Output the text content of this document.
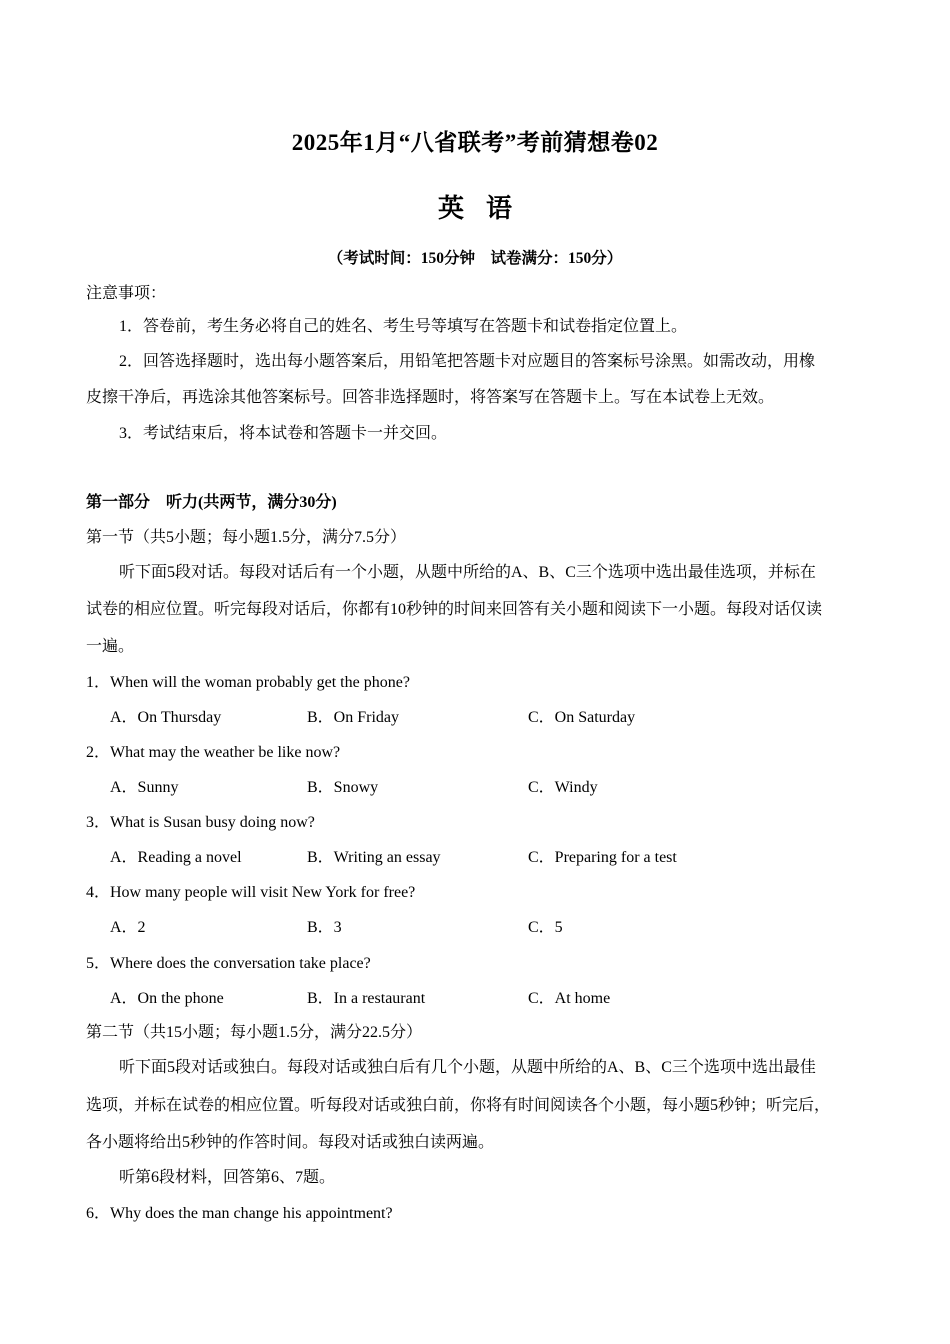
2025年1月“八省联考”考前猜想卷02
英语
（考试时间：150分钟　试卷满分：150分）
注意事项：
1．答卷前，考生务必将自己的姓名、考生号等填写在答题卡和试卷指定位置上。
2．回答选择题时，选出每小题答案后，用铅笔把答题卡对应题目的答案标号涂黑。如需改动，用橡
皮擦干净后，再选涂其他答案标号。回答非选择题时，将答案写在答题卡上。写在本试卷上无效。
3．考试结束后，将本试卷和答题卡一并交回。
第一部分　听力(共两节，满分30分)
第一节（共5小题；每小题1.5分，满分7.5分）
听下面5段对话。每段对话后有一个小题，从题中所给的A、B、C三个选项中选出最佳选项，并标在
试卷的相应位置。听完每段对话后，你都有10秒钟的时间来回答有关小题和阅读下一小题。每段对话仅读
一遍。
1．When will the woman probably get the phone?
A．On Thursday	B．On Friday	C．On Saturday
2．What may the weather be like now?
A．Sunny	B．Snowy	C．Windy
3．What is Susan busy doing now?
A．Reading a novel	B．Writing an essay	C．Preparing for a test
4．How many people will visit New York for free?
A．2	B．3	C．5
5．Where does the conversation take place?
A．On the phone	B．In a restaurant	C．At home
第二节（共15小题；每小题1.5分，满分22.5分）
听下面5段对话或独白。每段对话或独白后有几个小题，从题中所给的A、B、C三个选项中选出最佳
选项，并标在试卷的相应位置。听每段对话或独白前，你将有时间阅读各个小题，每小题5秒钟；听完后，
各小题将给出5秒钟的作答时间。每段对话或独白读两遍。
听第6段材料，回答第6、7题。
6．Why does the man change his appointment?
